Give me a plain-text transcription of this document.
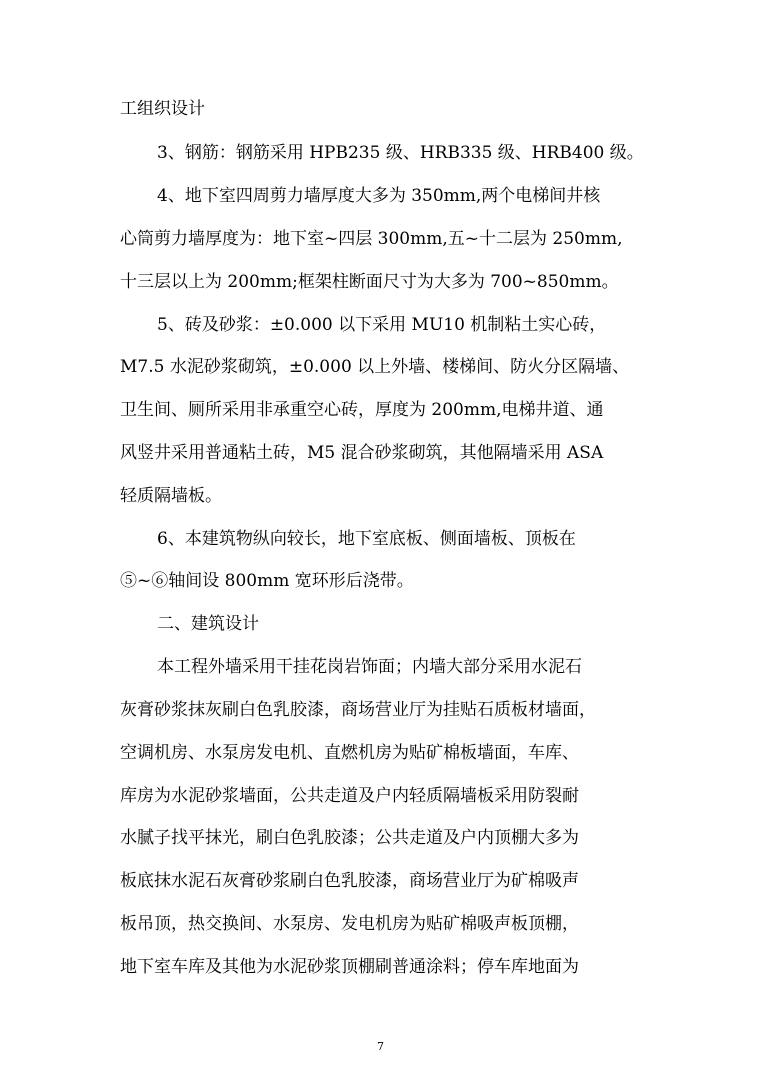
工组织设计
3、钢筋：钢筋采用 HPB235 级、HRB335 级、HRB400 级。
4、地下室四周剪力墙厚度大多为 350mm,两个电梯间井核
心筒剪力墙厚度为：地下室~四层 300mm,五~十二层为 250mm,
十三层以上为 200mm;框架柱断面尺寸为大多为 700~850mm。
5、砖及砂浆：±0.000 以下采用 MU10 机制粘土实心砖，
M7.5 水泥砂浆砌筑，±0.000 以上外墙、楼梯间、防火分区隔墙、
卫生间、厕所采用非承重空心砖，厚度为 200mm,电梯井道、通
风竖井采用普通粘土砖，M5 混合砂浆砌筑，其他隔墙采用 ASA
轻质隔墙板。
6、本建筑物纵向较长，地下室底板、侧面墙板、顶板在
⑤~⑥轴间设 800mm 宽环形后浇带。
二、建筑设计
本工程外墙采用干挂花岗岩饰面；内墙大部分采用水泥石
灰膏砂浆抹灰刷白色乳胶漆，商场营业厅为挂贴石质板材墙面，
空调机房、水泵房发电机、直燃机房为贴矿棉板墙面，车库、
库房为水泥砂浆墙面，公共走道及户内轻质隔墙板采用防裂耐
水腻子找平抹光，刷白色乳胶漆；公共走道及户内顶棚大多为
板底抹水泥石灰膏砂浆刷白色乳胶漆，商场营业厅为矿棉吸声
板吊顶，热交换间、水泵房、发电机房为贴矿棉吸声板顶棚，
地下室车库及其他为水泥砂浆顶棚刷普通涂料；停车库地面为
7
